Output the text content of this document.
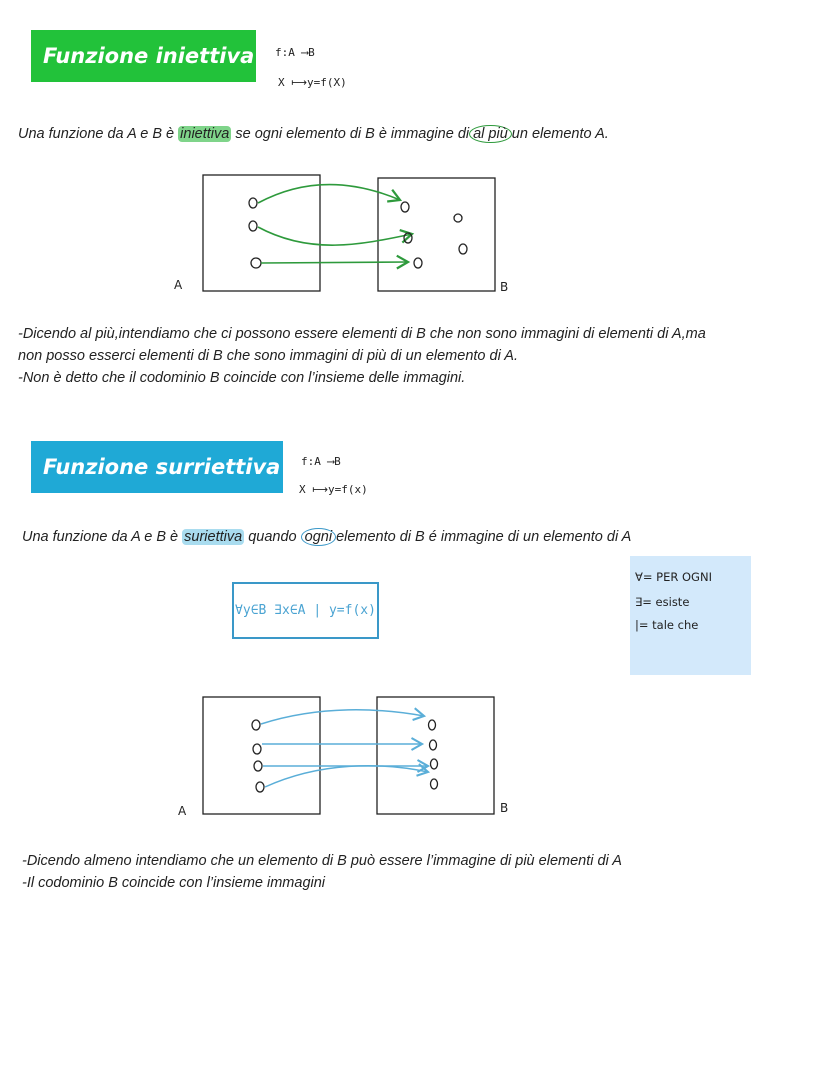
Funzione iniettiva f:A ⟶B
X ⟼y=f(X)
Una funzione da A e B è iniettiva se ogni elemento di B è immagine di al più un elemento A.
A	B
-Dicendo al più,intendiamo che ci possono essere elementi di B che non sono immagini di elementi di A,ma
non posso esserci elementi di B che sono immagini di più di un elemento di A.
-Non è detto che il codominio B coincide con l’insieme delle immagini.
Funzione surriettiva f:A ⟶B
X ⟼y=f(x)
Una funzione da A e B è suriettiva quando ogni elemento di B é immagine di un elemento di A
∀y∈B ∃x∈A | y=f(x)
∀= PER OGNI
∃= esiste
|= tale che
A	B
-Dicendo almeno intendiamo che un elemento di B può essere l’immagine di più elementi di A
-Il codominio B coincide con l’insieme immagini
